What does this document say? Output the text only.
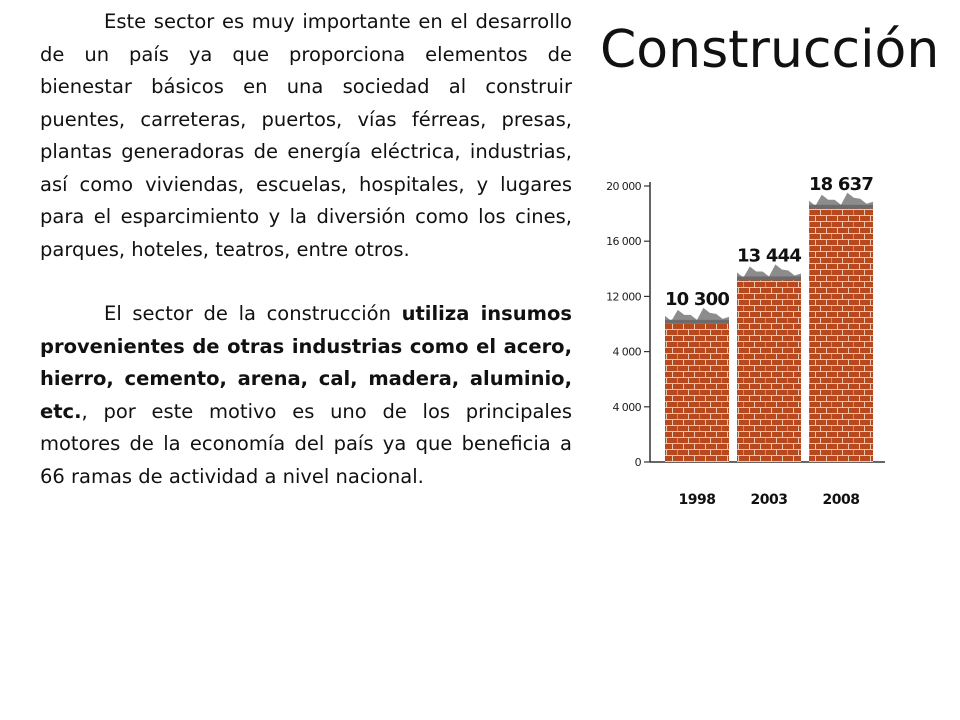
Construcción

Este sector es muy importante en el desarrollo de un país ya que proporciona elementos de bienestar básicos en una sociedad al construir puentes, carreteras, puertos, vías férreas, presas, plantas generadoras de energía eléctrica, industrias, así como viviendas, escuelas, hospitales, y lugares para el esparcimiento y la diversión como los cines, parques, hoteles, teatros, entre otros.

El sector de la construcción utiliza insumos provenientes de otras industrias como el acero, hierro, cemento, arena, cal, madera, aluminio, etc., por este motivo es uno de los principales motores de la economía del país ya que beneficia a 66 ramas de actividad a nivel nacional.

0
4 000
4 000
12 000
16 000
20 000
10 300
1998
13 444
2003
18 637
2008
